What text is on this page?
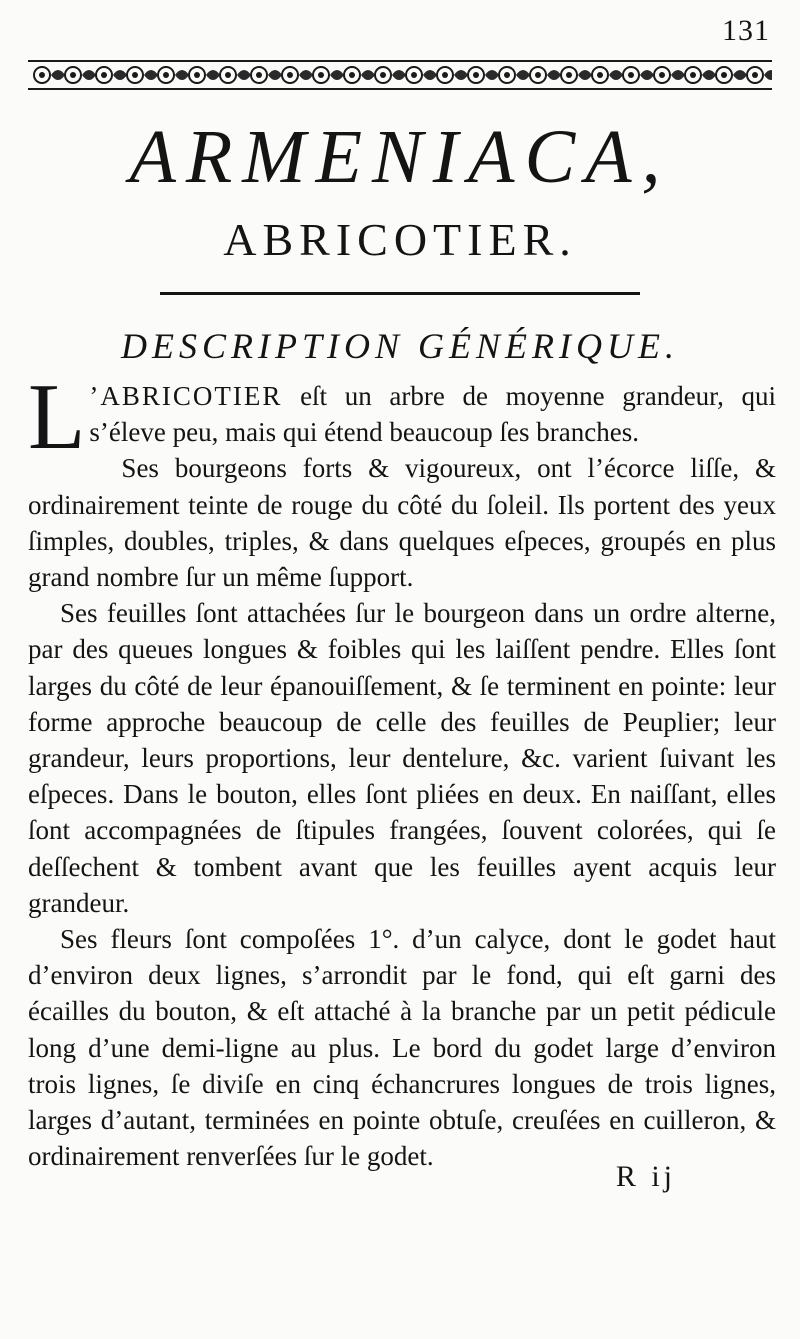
131
ARMENIACA,
ABRICOTIER.
DESCRIPTION GÉNÉRIQUE.

L ’ABRICOTIER eſt un arbre de moyenne grandeur, qui s’éleve peu, mais qui étend beaucoup ſes branches.

Ses bourgeons forts & vigoureux, ont l’écorce liſſe, & ordinairement teinte de rouge du côté du ſoleil. Ils portent des yeux ſimples, doubles, triples, & dans quelques eſpeces, groupés en plus grand nombre ſur un même ſupport.

Ses feuilles ſont attachées ſur le bourgeon dans un ordre alterne, par des queues longues & foibles qui les laiſſent pendre. Elles ſont larges du côté de leur épanouiſſement, & ſe terminent en pointe: leur forme approche beaucoup de celle des feuilles de Peuplier; leur grandeur, leurs proportions, leur dentelure, &c. varient ſuivant les eſpeces. Dans le bouton, elles ſont pliées en deux. En naiſſant, elles ſont accompagnées de ſtipules frangées, ſouvent colorées, qui ſe deſſechent & tombent avant que les feuilles ayent acquis leur grandeur.

Ses fleurs ſont compoſées 1°. d’un calyce, dont le godet haut d’environ deux lignes, s’arrondit par le fond, qui eſt garni des écailles du bouton, & eſt attaché à la branche par un petit pédicule long d’une demi-ligne au plus. Le bord du godet large d’environ trois lignes, ſe diviſe en cinq échancrures longues de trois lignes, larges d’autant, terminées en pointe obtuſe, creuſées en cuilleron, & ordinairement renverſées ſur le godet.

R ij
